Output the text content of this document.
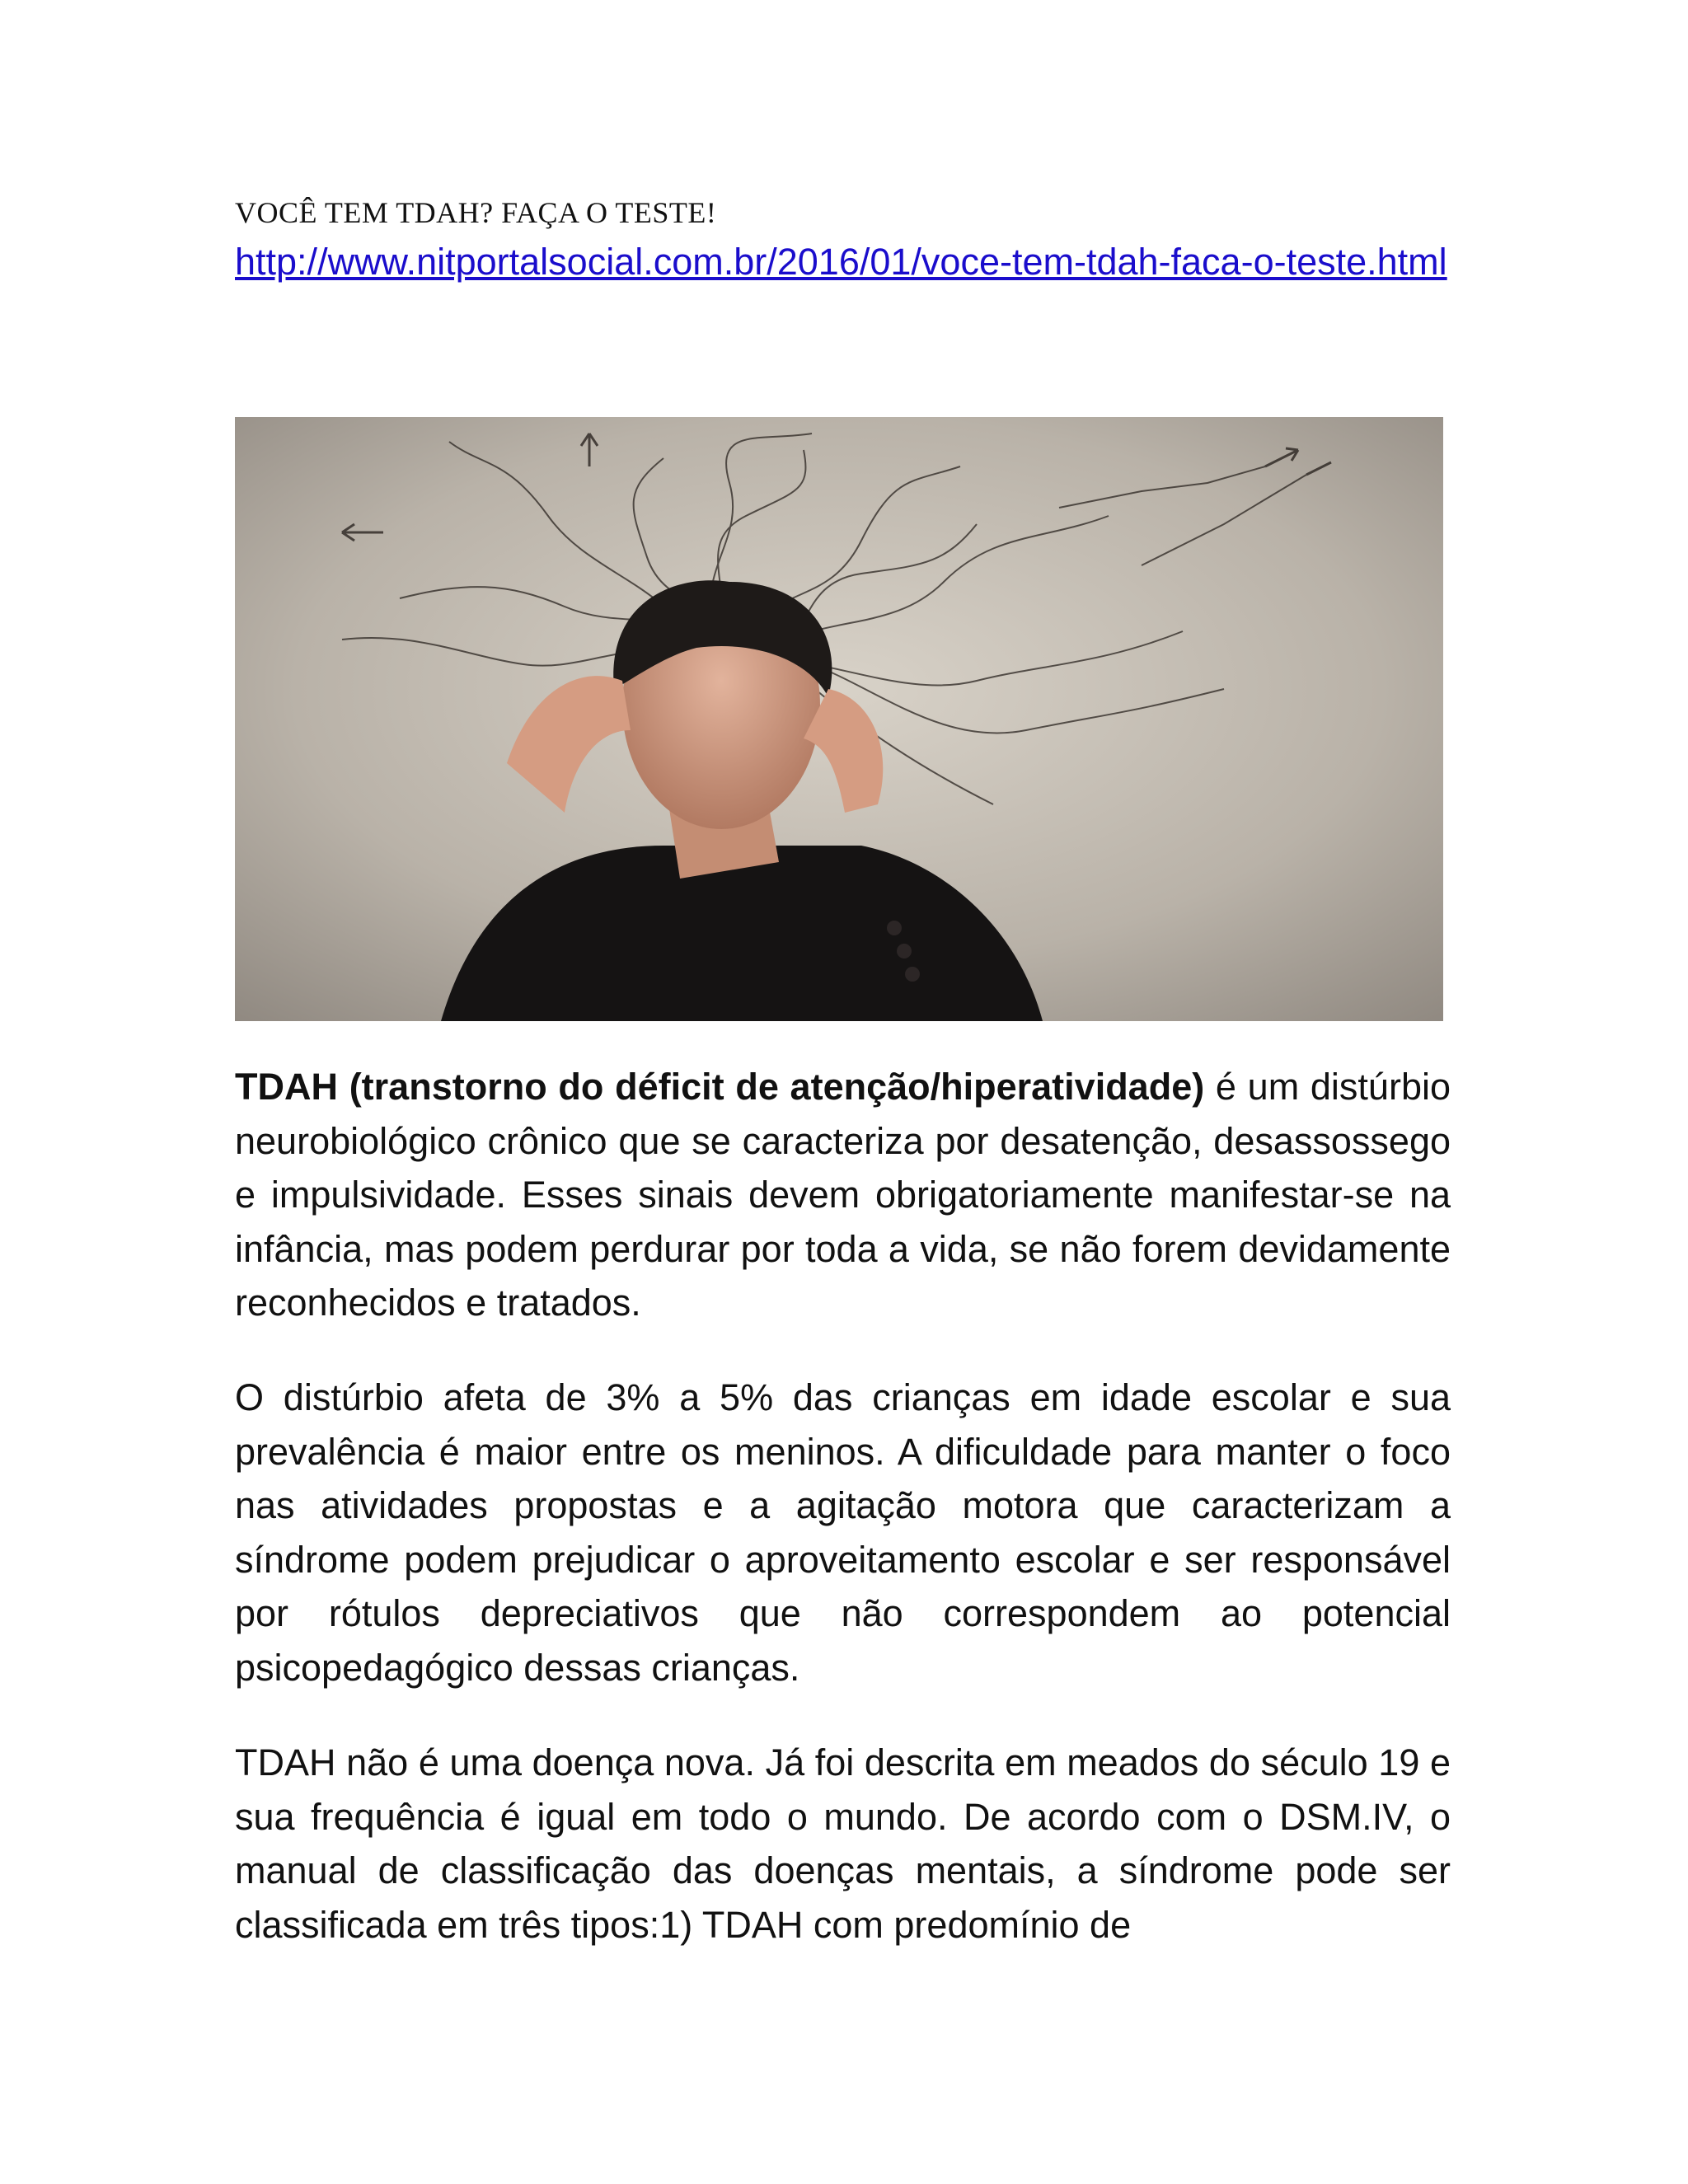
VOCÊ TEM TDAH? FAÇA O TESTE!
http://www.nitportalsocial.com.br/2016/01/voce-tem-tdah-faca-o-teste.html

TDAH (transtorno do déficit de atenção/hiperatividade) é um distúrbio neurobiológico crônico que se caracteriza por desatenção, desassossego e impulsividade. Esses sinais devem obrigatoriamente manifestar-se na infância, mas podem perdurar por toda a vida, se não forem devidamente reconhecidos e tratados.

O distúrbio afeta de 3% a 5% das crianças em idade escolar e sua prevalência é maior entre os meninos. A dificuldade para manter o foco nas atividades propostas e a agitação motora que caracterizam a síndrome podem prejudicar o aproveitamento escolar e ser responsável por rótulos depreciativos que não correspondem ao potencial psicopedagógico dessas crianças.

TDAH não é uma doença nova. Já foi descrita em meados do século 19 e sua frequência é igual em todo o mundo. De acordo com o DSM.IV, o manual de classificação das doenças mentais, a síndrome pode ser classificada em três tipos:1) TDAH com predomínio de
